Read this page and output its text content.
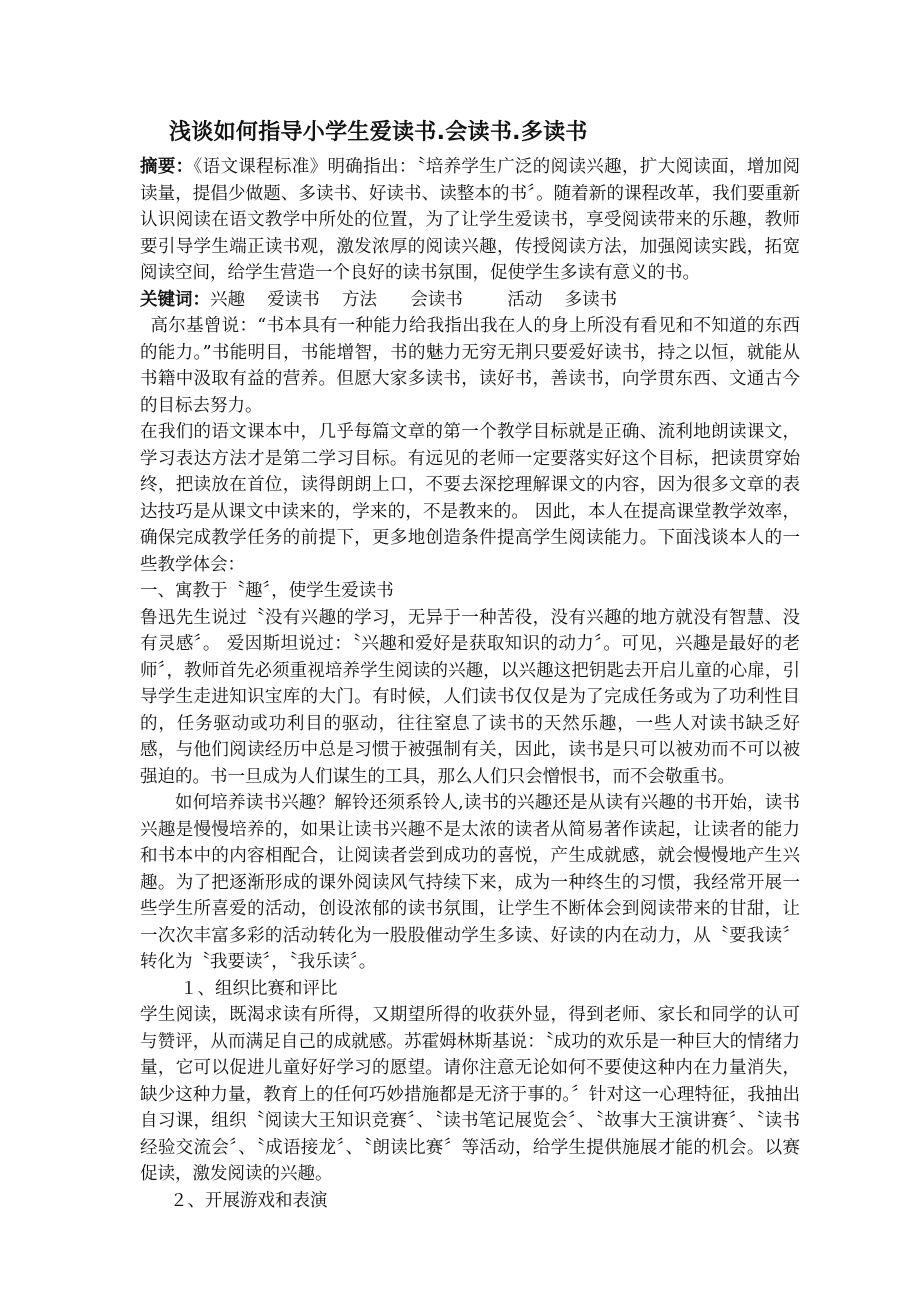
浅谈如何指导小学生爱读书.会读书.多读书

摘要：《语文课程标准》明确指出：〝培养学生广泛的阅读兴趣，扩大阅读面，增加阅读量，提倡少做题、多读书、好读书、读整本的书〞。随着新的课程改革，我们要重新认识阅读在语文教学中所处的位置，为了让学生爱读书，享受阅读带来的乐趣，教师要引导学生端正读书观，激发浓厚的阅读兴趣，传授阅读方法，加强阅读实践，拓宽阅读空间，给学生营造一个良好的读书氛围，促使学生多读有意义的书。

关键词：兴趣    爱读书    方法      会读书        活动    多读书

高尔基曾说：“书本具有一种能力给我指出我在人的身上所没有看见和不知道的东西的能力。”书能明目，书能增智，书的魅力无穷无荆只要爱好读书，持之以恒，就能从书籍中汲取有益的营养。但愿大家多读书，读好书，善读书，向学贯东西、文通古今的目标去努力。

在我们的语文课本中，几乎每篇文章的第一个教学目标就是正确、流利地朗读课文，学习表达方法才是第二学习目标。有远见的老师一定要落实好这个目标，把读贯穿始终，把读放在首位，读得朗朗上口，不要去深挖理解课文的内容，因为很多文章的表达技巧是从课文中读来的，学来的，不是教来的。 因此，本人在提高课堂教学效率，确保完成教学任务的前提下，更多地创造条件提高学生阅读能力。下面浅谈本人的一些教学体会：

一、寓教于〝趣〞，使学生爱读书

鲁迅先生说过〝没有兴趣的学习，无异于一种苦役，没有兴趣的地方就没有智慧、没有灵感〞。 爱因斯坦说过：〝兴趣和爱好是获取知识的动力〞。可见，兴趣是最好的老师〞，教师首先必须重视培养学生阅读的兴趣，以兴趣这把钥匙去开启儿童的心扉，引导学生走进知识宝库的大门。有时候，人们读书仅仅是为了完成任务或为了功利性目的，任务驱动或功利目的驱动，往往窒息了读书的天然乐趣，一些人对读书缺乏好感，与他们阅读经历中总是习惯于被强制有关，因此，读书是只可以被劝而不可以被强迫的。书一旦成为人们谋生的工具，那么人们只会憎恨书，而不会敬重书。

如何培养读书兴趣？解铃还须系铃人,读书的兴趣还是从读有兴趣的书开始，读书兴趣是慢慢培养的，如果让读书兴趣不是太浓的读者从简易著作读起，让读者的能力和书本中的内容相配合，让阅读者尝到成功的喜悦，产生成就感，就会慢慢地产生兴趣。为了把逐渐形成的课外阅读风气持续下来，成为一种终生的习惯，我经常开展一些学生所喜爱的活动，创设浓郁的读书氛围，让学生不断体会到阅读带来的甘甜，让一次次丰富多彩的活动转化为一股股催动学生多读、好读的内在动力，从〝要我读〞转化为〝我要读〞，〝我乐读〞。

１、组织比赛和评比

学生阅读，既渴求读有所得，又期望所得的收获外显，得到老师、家长和同学的认可与赞评，从而满足自己的成就感。苏霍姆林斯基说：〝成功的欢乐是一种巨大的情绪力量，它可以促进儿童好好学习的愿望。请你注意无论如何不要使这种内在力量消失，缺少这种力量，教育上的任何巧妙措施都是无济于事的。〞针对这一心理特征，我抽出自习课，组织〝阅读大王知识竞赛〞、〝读书笔记展览会〞、〝故事大王演讲赛〞、〝读书经验交流会〞、〝成语接龙〞、〝朗读比赛〞等活动，给学生提供施展才能的机会。以赛促读，激发阅读的兴趣。

２、开展游戏和表演
